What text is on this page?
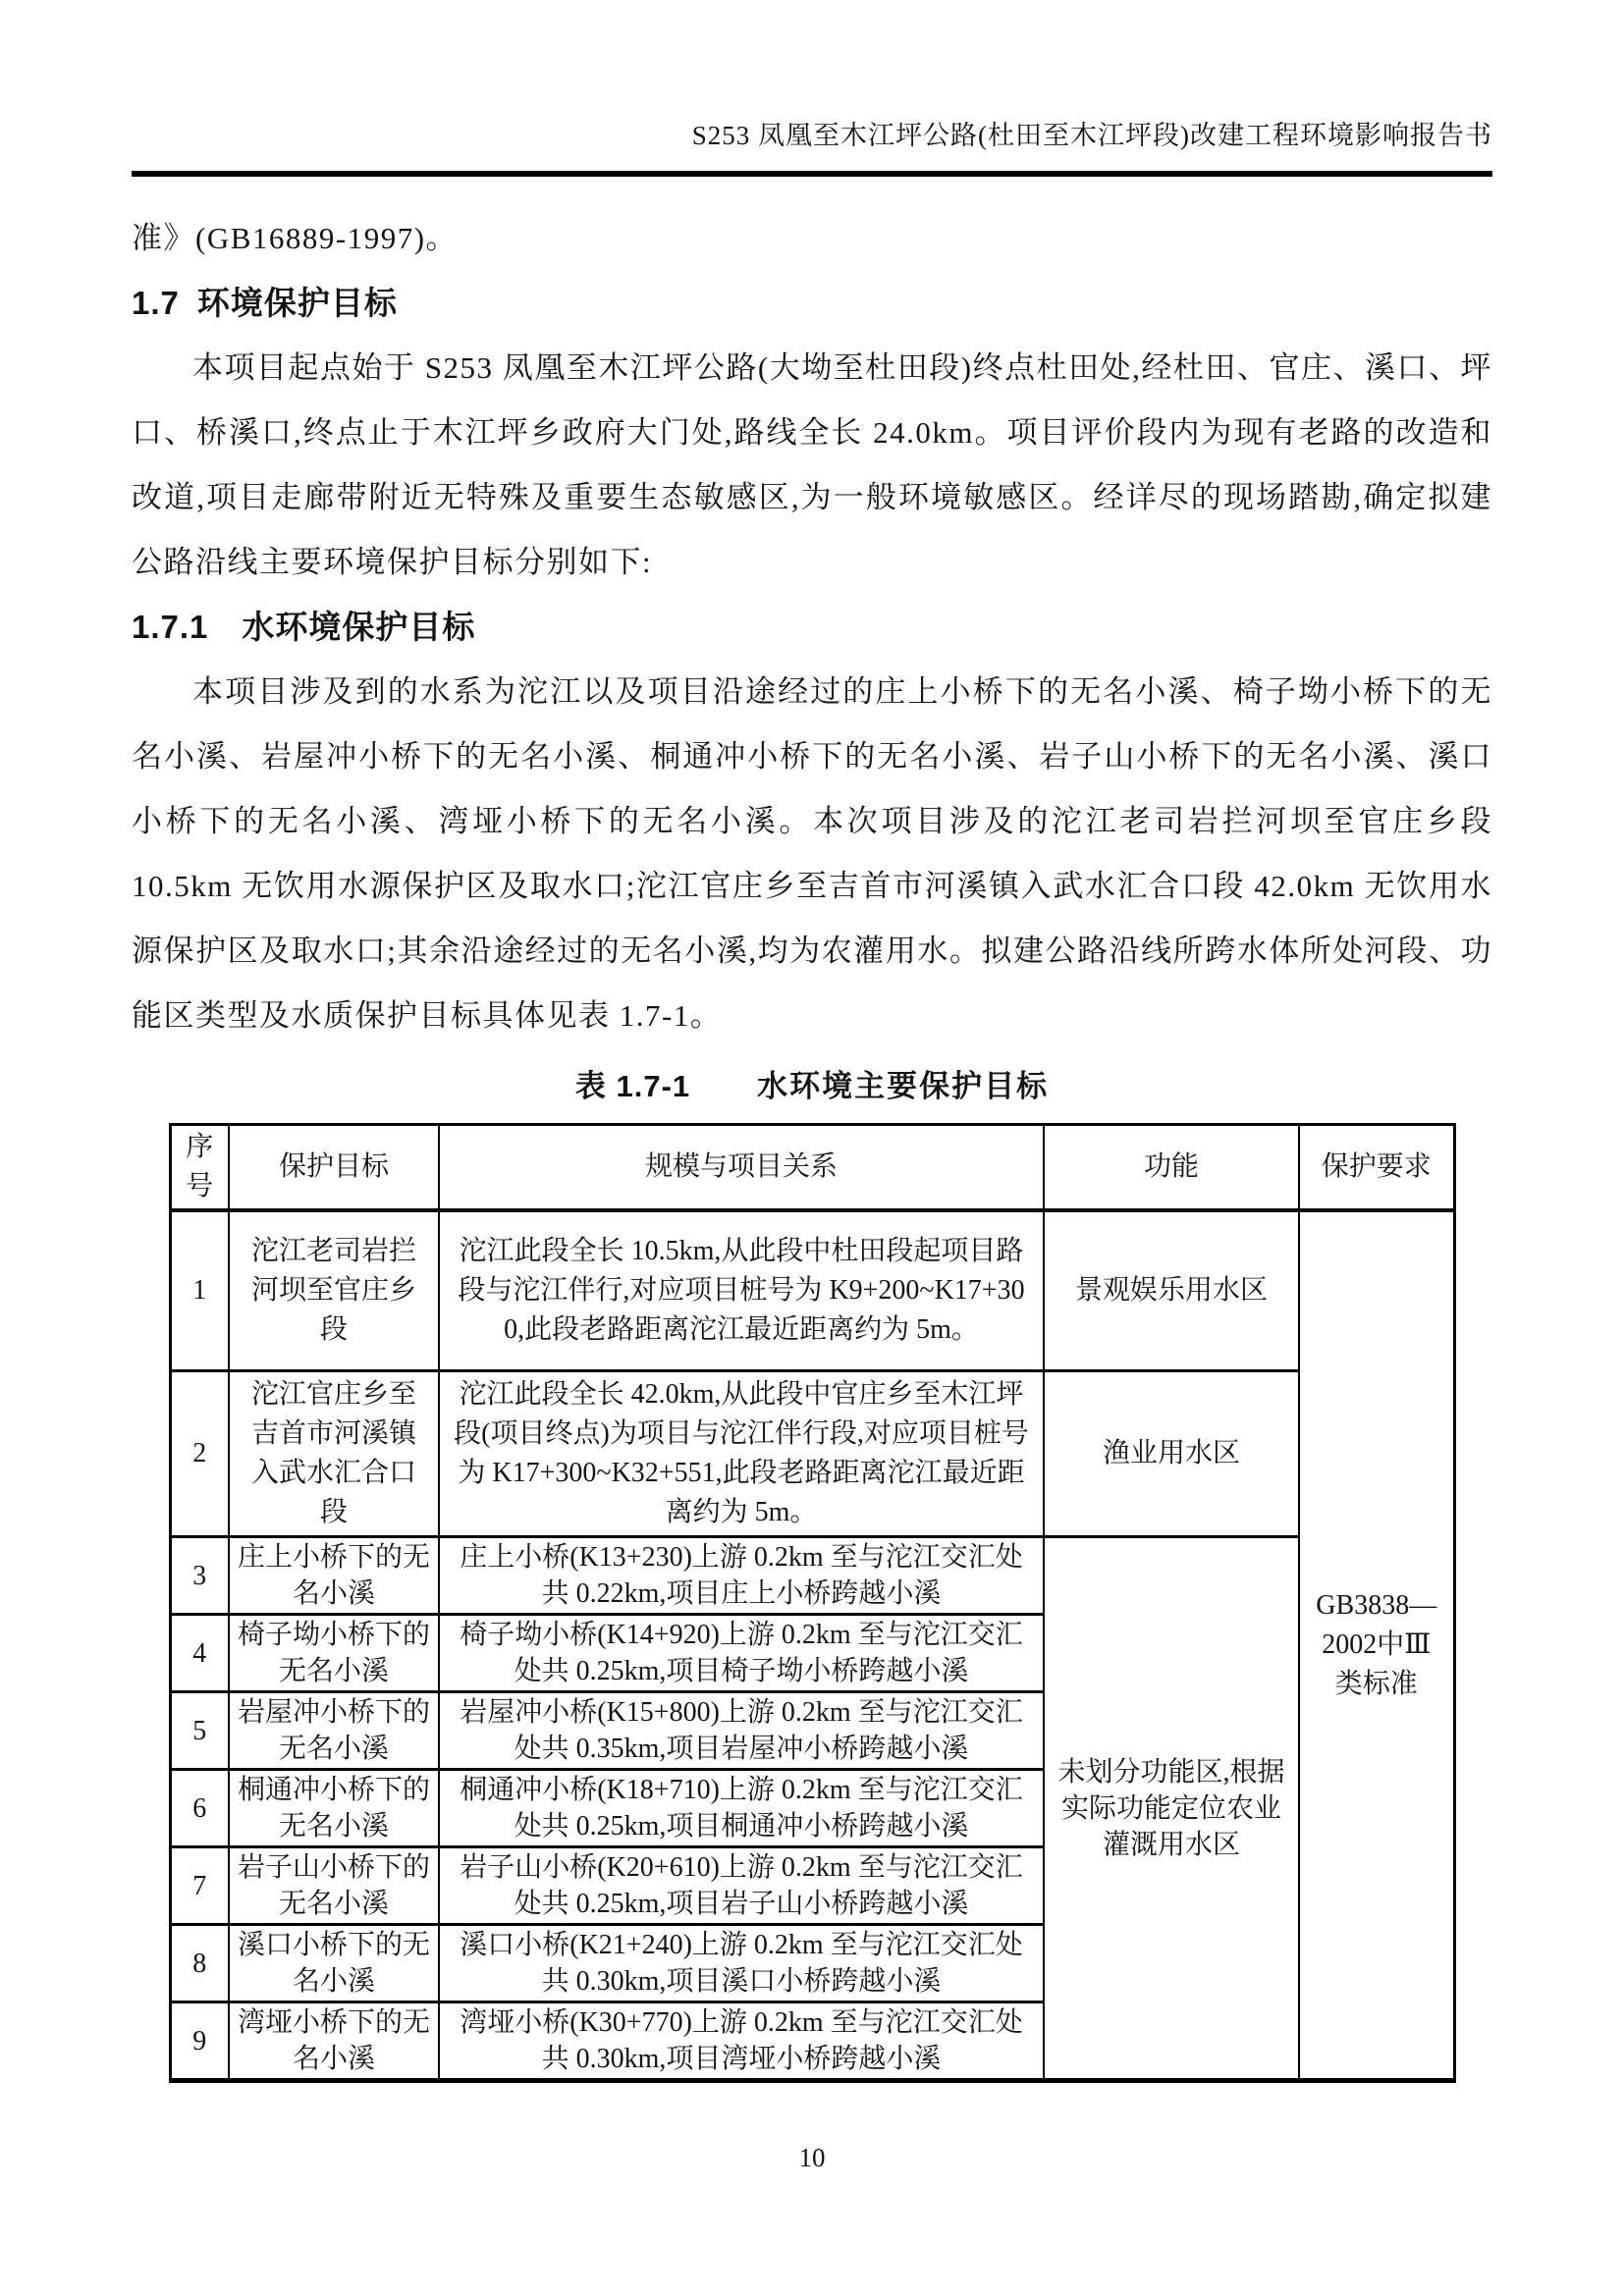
S253 凤凰至木江坪公路(杜田至木江坪段)改建工程环境影响报告书

准》(GB16889-1997)。

1.7 环境保护目标

本项目起点始于 S253 凤凰至木江坪公路(大坳至杜田段)终点杜田处,经杜田、官庄、溪口、坪口、桥溪口,终点止于木江坪乡政府大门处,路线全长 24.0km。项目评价段内为现有老路的改造和改道,项目走廊带附近无特殊及重要生态敏感区,为一般环境敏感区。经详尽的现场踏勘,确定拟建公路沿线主要环境保护目标分别如下:

1.7.1 水环境保护目标

本项目涉及到的水系为沱江以及项目沿途经过的庄上小桥下的无名小溪、椅子坳小桥下的无名小溪、岩屋冲小桥下的无名小溪、桐通冲小桥下的无名小溪、岩子山小桥下的无名小溪、溪口小桥下的无名小溪、湾垭小桥下的无名小溪。本次项目涉及的沱江老司岩拦河坝至官庄乡段 10.5km 无饮用水源保护区及取水口;沱江官庄乡至吉首市河溪镇入武水汇合口段 42.0km 无饮用水源保护区及取水口;其余沿途经过的无名小溪,均为农灌用水。拟建公路沿线所跨水体所处河段、功能区类型及水质保护目标具体见表 1.7-1。

表 1.7-1 水环境主要保护目标
序号	保护目标	规模与项目关系	功能	保护要求
1	沱江老司岩拦河坝至官庄乡段	沱江此段全长 10.5km,从此段中杜田段起项目路段与沱江伴行,对应项目桩号为 K9+200~K17+300,此段老路距离沱江最近距离约为 5m。	景观娱乐用水区	GB3838—2002中Ⅲ类标准
2	沱江官庄乡至吉首市河溪镇入武水汇合口段	沱江此段全长 42.0km,从此段中官庄乡至木江坪段(项目终点)为项目与沱江伴行段,对应项目桩号为 K17+300~K32+551,此段老路距离沱江最近距离约为 5m。	渔业用水区	
3	庄上小桥下的无名小溪	庄上小桥(K13+230)上游 0.2km 至与沱江交汇处共 0.22km,项目庄上小桥跨越小溪	未划分功能区,根据实际功能定位农业灌溉用水区	
4	椅子坳小桥下的无名小溪	椅子坳小桥(K14+920)上游 0.2km 至与沱江交汇处共 0.25km,项目椅子坳小桥跨越小溪		
5	岩屋冲小桥下的无名小溪	岩屋冲小桥(K15+800)上游 0.2km 至与沱江交汇处共 0.35km,项目岩屋冲小桥跨越小溪		
6	桐通冲小桥下的无名小溪	桐通冲小桥(K18+710)上游 0.2km 至与沱江交汇处共 0.25km,项目桐通冲小桥跨越小溪		
7	岩子山小桥下的无名小溪	岩子山小桥(K20+610)上游 0.2km 至与沱江交汇处共 0.25km,项目岩子山小桥跨越小溪		
8	溪口小桥下的无名小溪	溪口小桥(K21+240)上游 0.2km 至与沱江交汇处共 0.30km,项目溪口小桥跨越小溪		
9	湾垭小桥下的无名小溪	湾垭小桥(K30+770)上游 0.2km 至与沱江交汇处共 0.30km,项目湾垭小桥跨越小溪		
10
